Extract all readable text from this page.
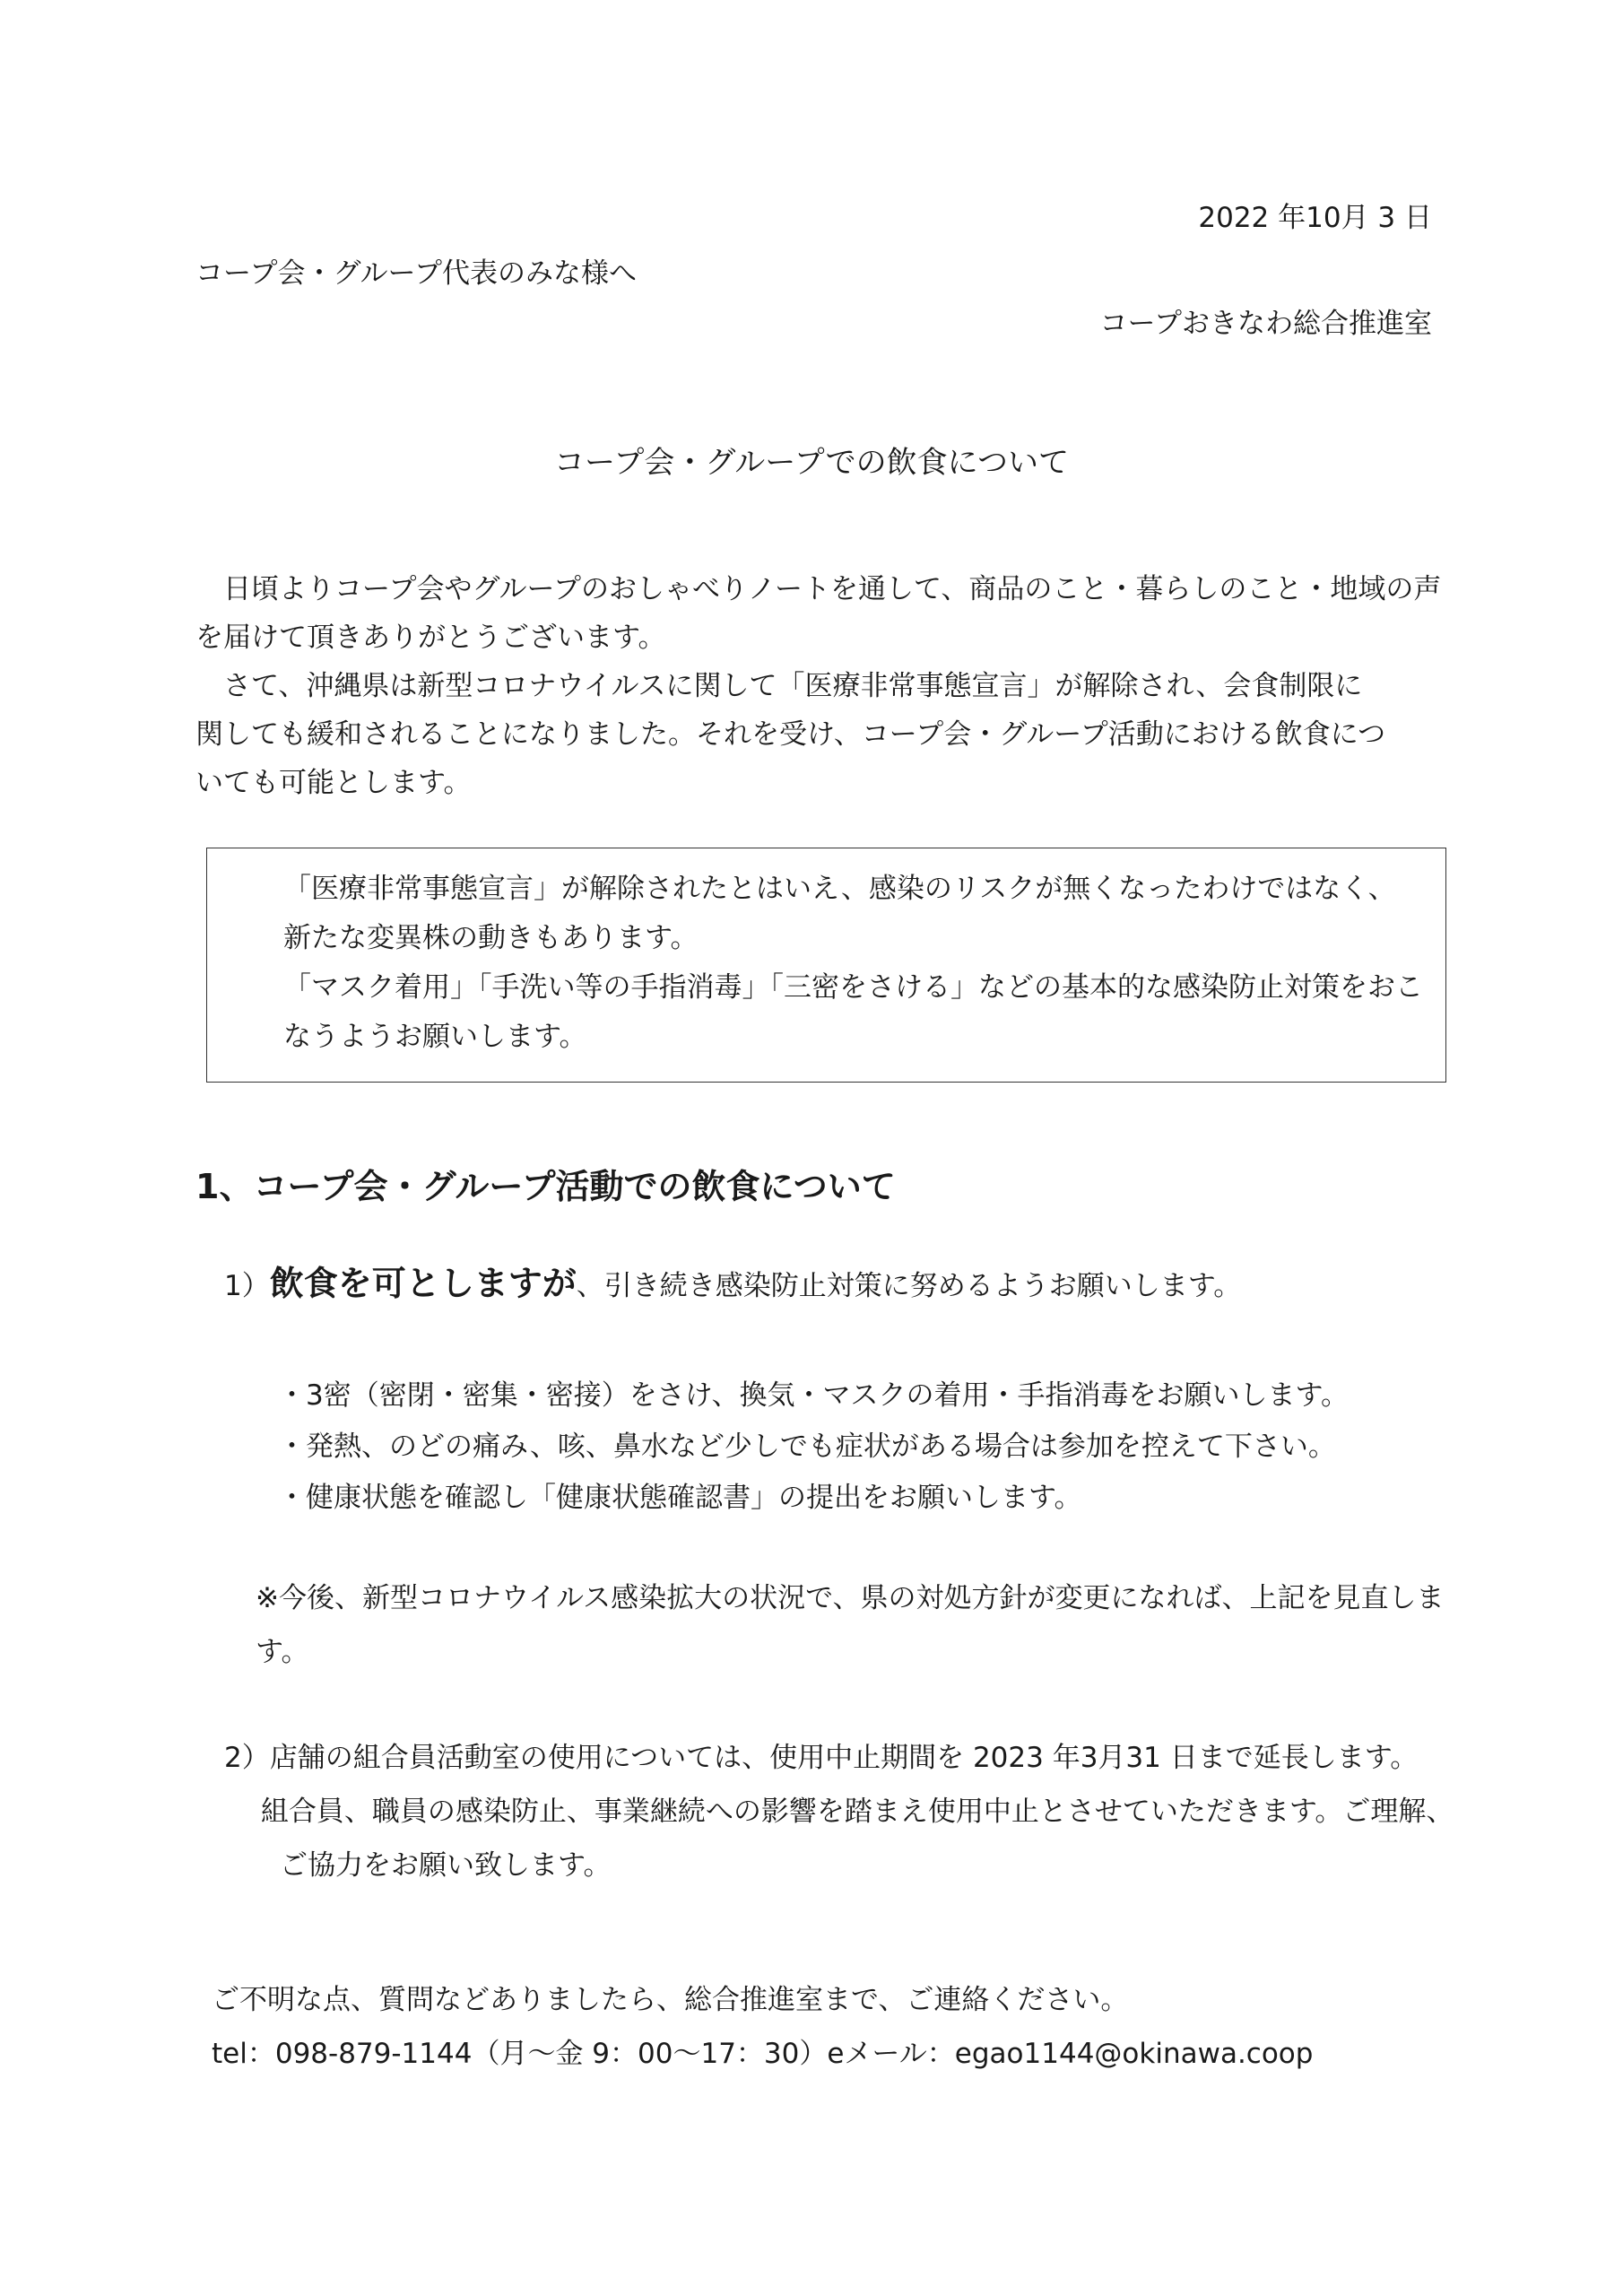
2022 年10月 3 日
コープ会・グループ代表のみな様へ
コープおきなわ総合推進室
コープ会・グループでの飲食について

　日頃よりコープ会やグループのおしゃべりノートを通して、商品のこと・暮らしのこと・地域の声

を届けて頂きありがとうございます。

　さて、沖縄県は新型コロナウイルスに関して「医療非常事態宣言」が解除され、会食制限に

関しても緩和されることになりました。それを受け、コープ会・グループ活動における飲食につ

いても可能とします。

「医療非常事態宣言」が解除されたとはいえ、感染のリスクが無くなったわけではなく、

新たな変異株の動きもあります。

「マスク着用」「手洗い等の手指消毒」「三密をさける」などの基本的な感染防止対策をおこ

なうようお願いします。

1、コープ会・グループ活動での飲食について
1）飲食を可としますが、引き続き感染防止対策に努めるようお願いします。

・3密（密閉・密集・密接）をさけ、換気・マスクの着用・手指消毒をお願いします。

・発熱、のどの痛み、咳、鼻水など少しでも症状がある場合は参加を控えて下さい。

・健康状態を確認し「健康状態確認書」の提出をお願いします。

※今後、新型コロナウイルス感染拡大の状況で、県の対処方針が変更になれば、上記を見直しま

す。

2）店舗の組合員活動室の使用については、使用中止期間を 2023 年3月31 日まで延長します。

　 組合員、職員の感染防止、事業継続への影響を踏まえ使用中止とさせていただきます。ご理解、

　　ご協力をお願い致します。

ご不明な点、質問などありましたら、総合推進室まで、ご連絡ください。

tel：098-879-1144（月～金 9：00～17：30）eメール：egao1144@okinawa.coop
